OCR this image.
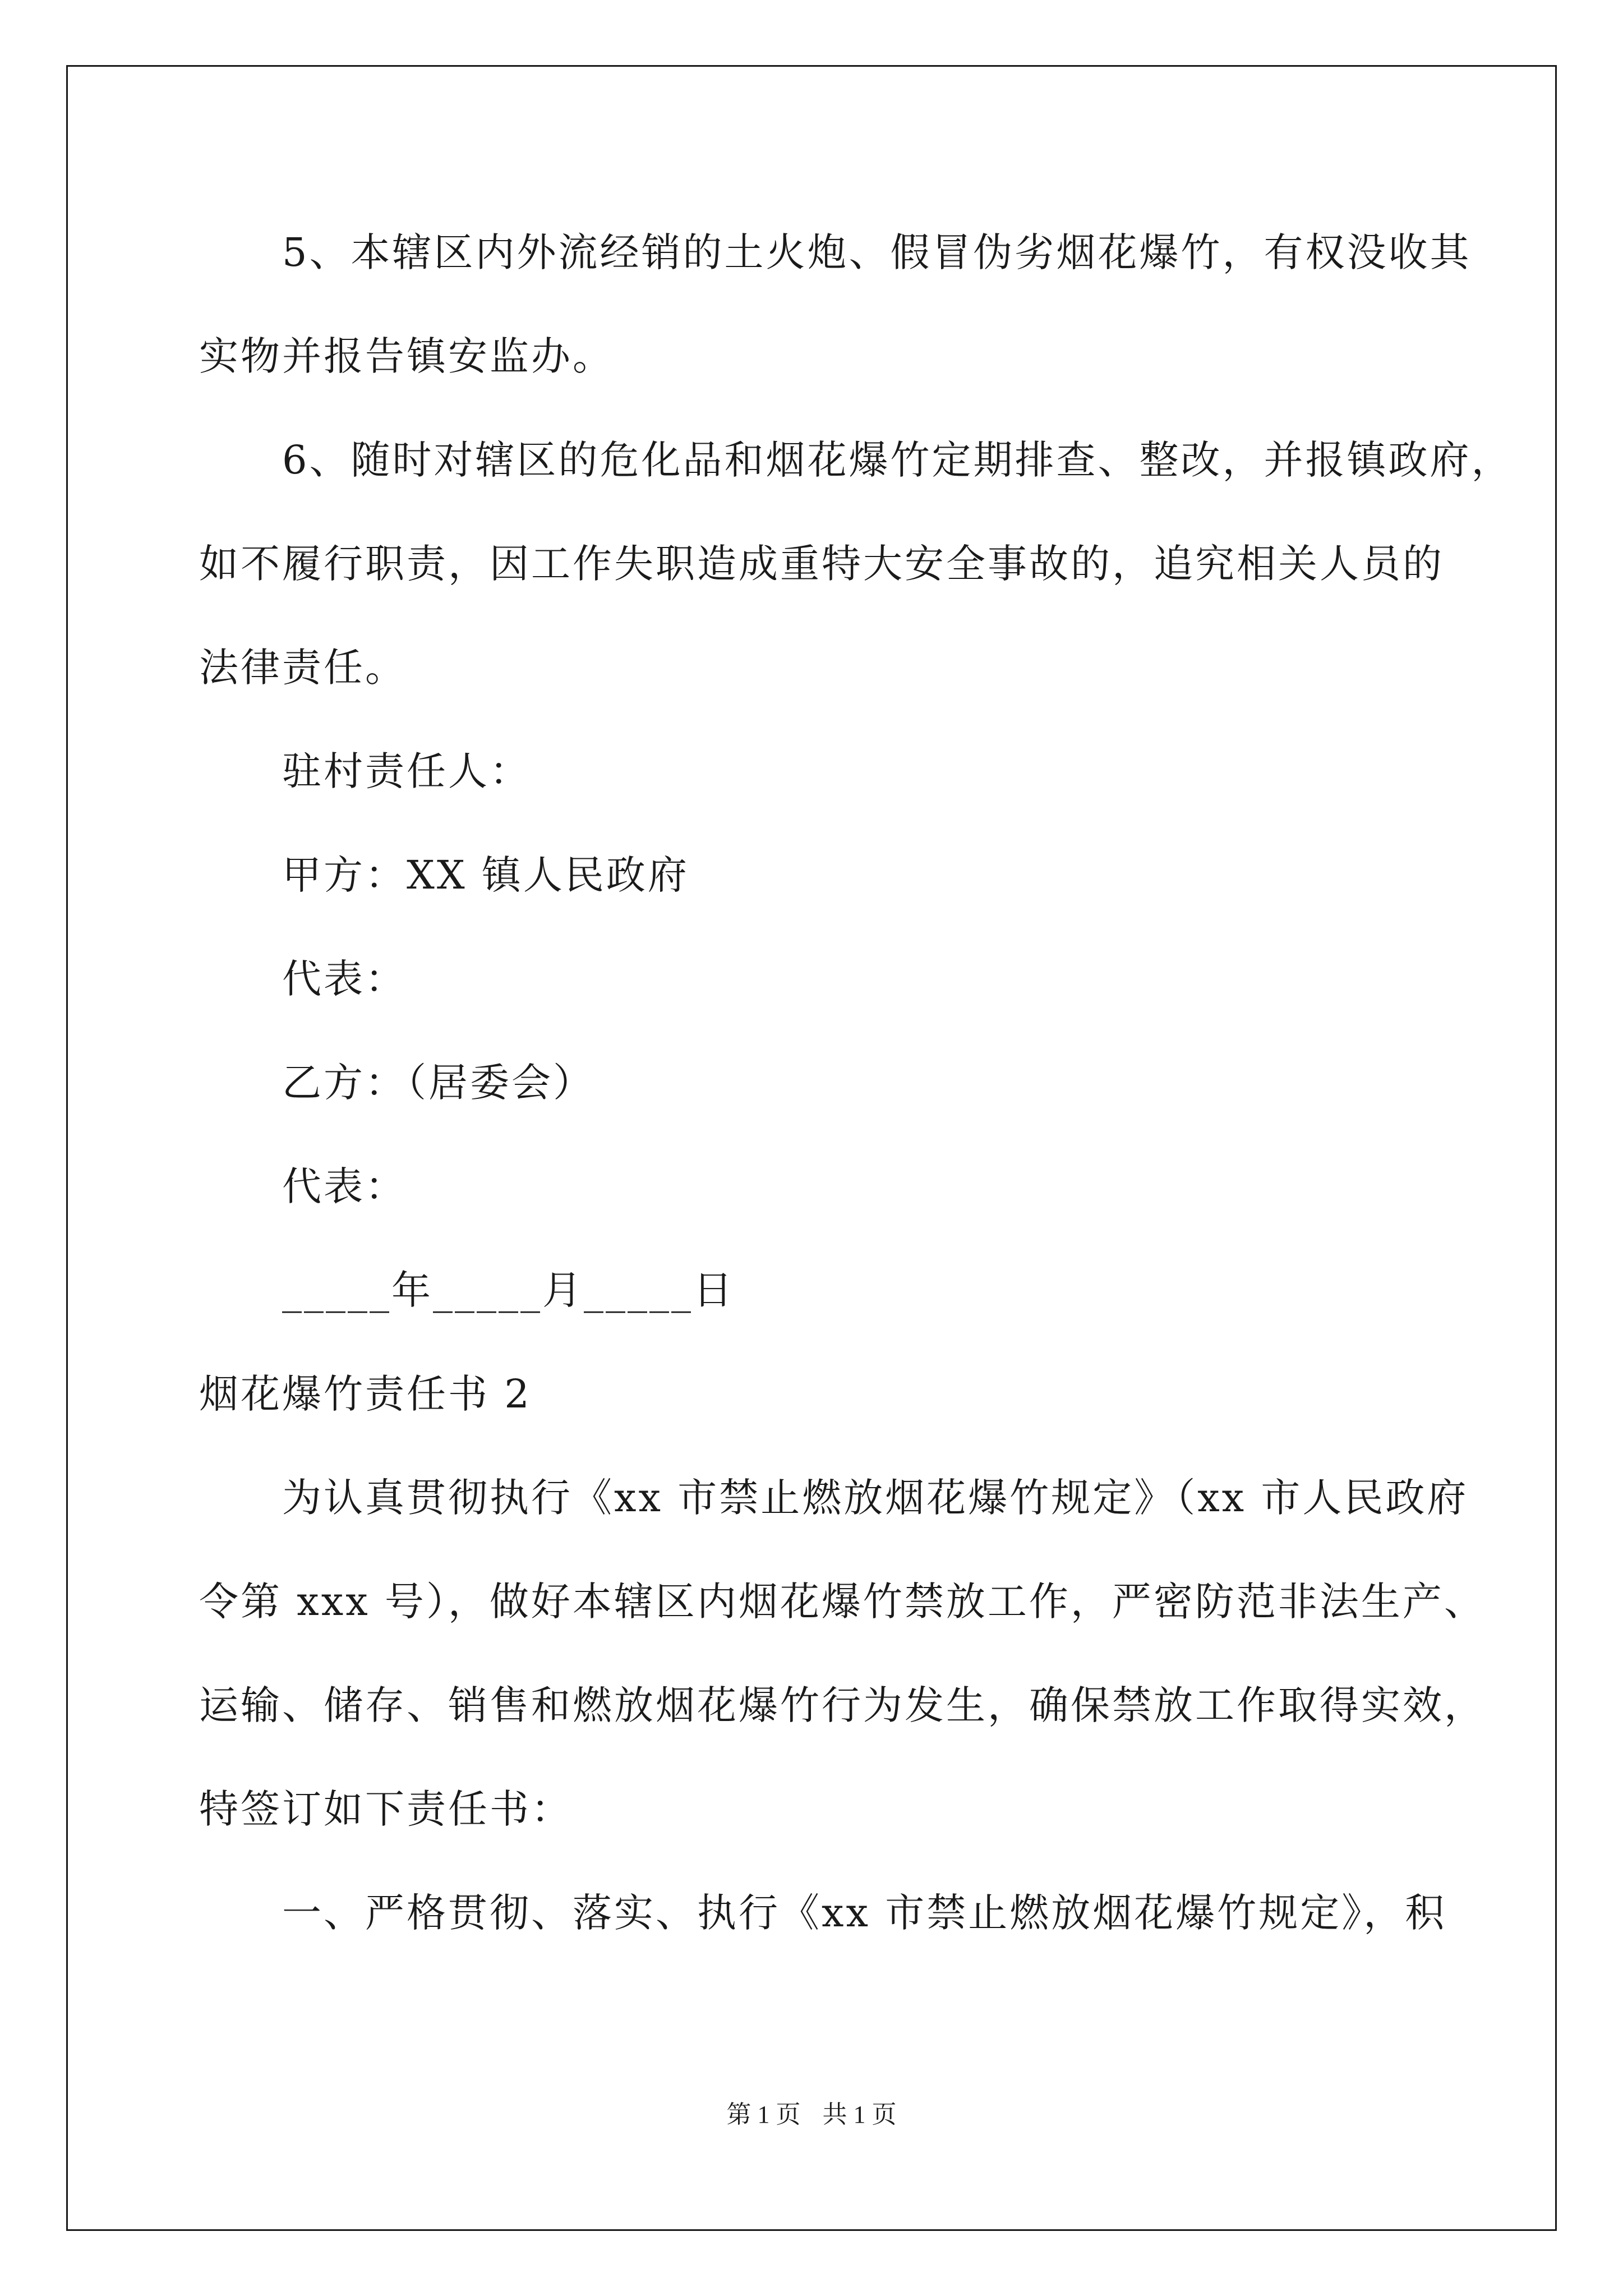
5、本辖区内外流经销的土火炮、假冒伪劣烟花爆竹，有权没收其
实物并报告镇安监办。
6、随时对辖区的危化品和烟花爆竹定期排查、整改，并报镇政府，
如不履行职责，因工作失职造成重特大安全事故的，追究相关人员的
法律责任。
驻村责任人：
甲方：XX 镇人民政府
代表：
乙方：（居委会）
代表：
_____年_____月_____日
烟花爆竹责任书 2
为认真贯彻执行《xx 市禁止燃放烟花爆竹规定》（xx 市人民政府
令第 xxx 号），做好本辖区内烟花爆竹禁放工作，严密防范非法生产、
运输、储存、销售和燃放烟花爆竹行为发生，确保禁放工作取得实效，
特签订如下责任书：
一、严格贯彻、落实、执行《xx 市禁止燃放烟花爆竹规定》，积
第 1 页 共 1 页
